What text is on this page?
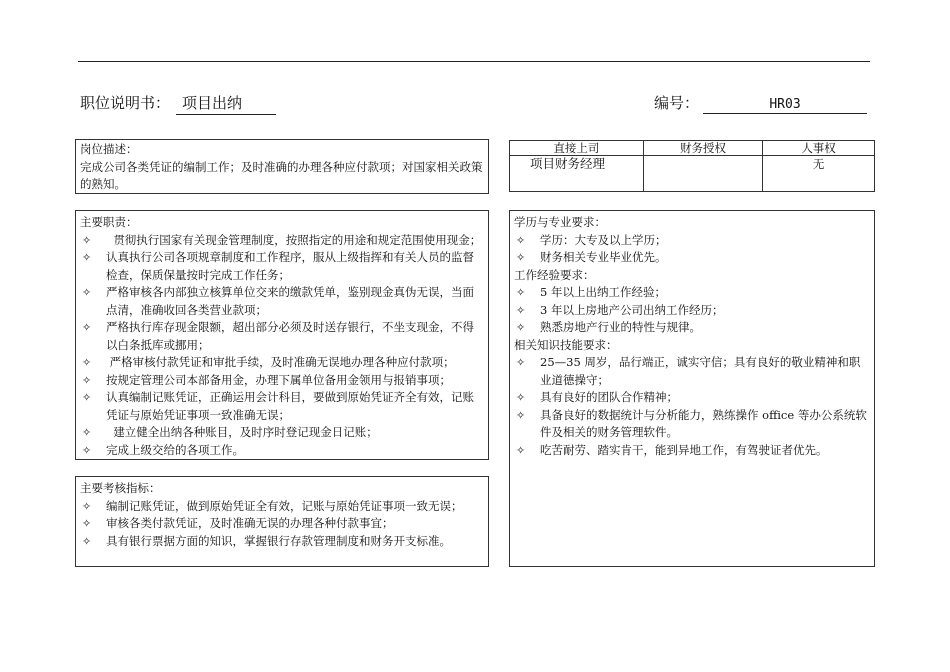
职位说明书： 项目出纳	编号：	HR03
岗位描述：
完成公司各类凭证的编制工作；及时准确的办理各种应付款项；对国家相关政策的熟知。
直接上司	财务授权	人事权
项目财务经理		无
主要职责：
✧ 贯彻执行国家有关现金管理制度，按照指定的用途和规定范围使用现金；
✧ 认真执行公司各项规章制度和工作程序，服从上级指挥和有关人员的监督检查，保质保量按时完成工作任务；
✧ 严格审核各内部独立核算单位交来的缴款凭单，鉴别现金真伪无误，当面点清，准确收回各类营业款项；
✧ 严格执行库存现金限额，超出部分必须及时送存银行，不坐支现金，不得以白条抵库或挪用；
✧ 严格审核付款凭证和审批手续，及时准确无误地办理各种应付款项；
✧ 按规定管理公司本部备用金，办理下属单位备用金领用与报销事项；
✧ 认真编制记账凭证，正确运用会计科目，要做到原始凭证齐全有效，记账凭证与原始凭证事项一致准确无误；
✧ 建立健全出纳各种账目，及时序时登记现金日记账；
✧ 完成上级交给的各项工作。
主要考核指标：
✧ 编制记账凭证，做到原始凭证全有效，记账与原始凭证事项一致无误；
✧ 审核各类付款凭证，及时准确无误的办理各种付款事宜；
✧ 具有银行票据方面的知识，掌握银行存款管理制度和财务开支标准。
学历与专业要求：
✧ 学历：大专及以上学历；
✧ 财务相关专业毕业优先。
工作经验要求：
✧ 5 年以上出纳工作经验；
✧ 3 年以上房地产公司出纳工作经历；
✧ 熟悉房地产行业的特性与规律。
相关知识技能要求：
✧ 25—35 周岁，品行端正，诚实守信；具有良好的敬业精神和职业道德操守；
✧ 具有良好的团队合作精神；
✧ 具备良好的数据统计与分析能力，熟练操作 office 等办公系统软件及相关的财务管理软件。
✧ 吃苦耐劳、踏实肯干，能到异地工作，有驾驶证者优先。
